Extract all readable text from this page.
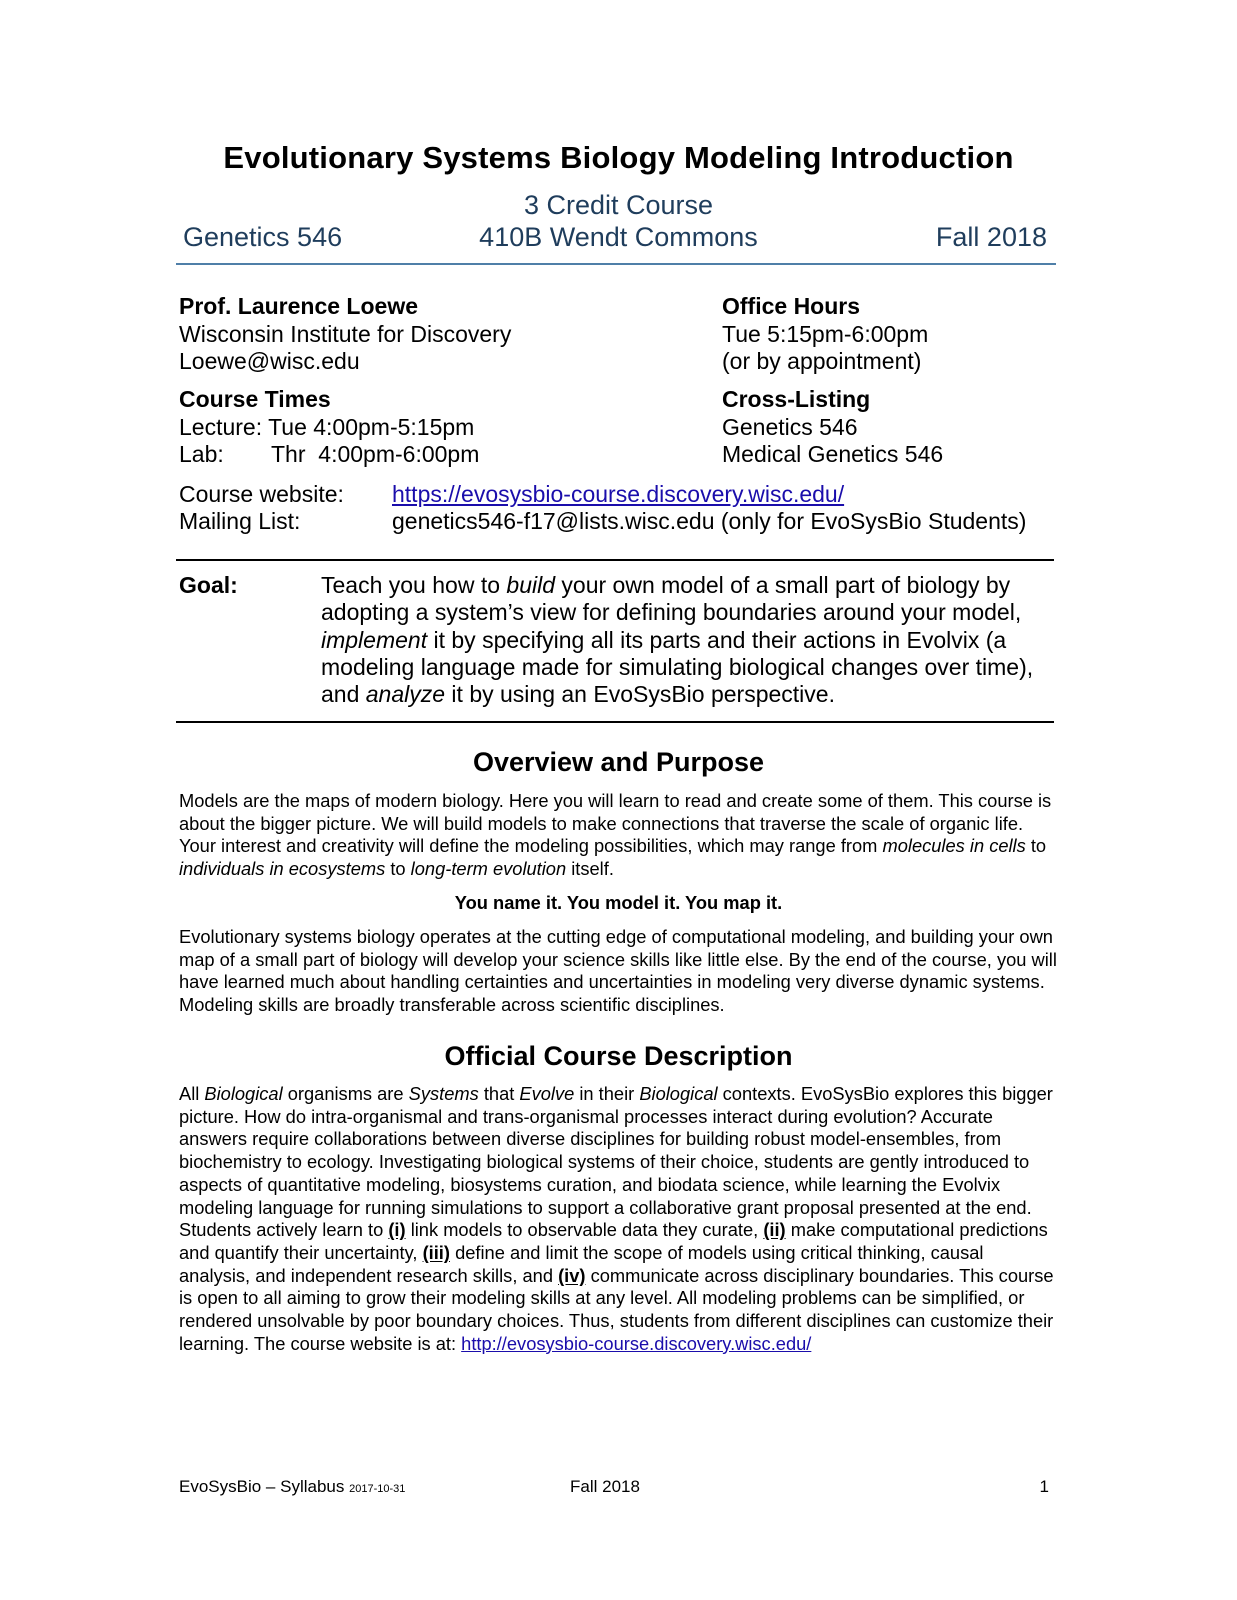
Evolutionary Systems Biology Modeling Introduction
3 Credit Course
Genetics 546	410B Wendt Commons	Fall 2018
Prof. Laurence Loewe
Wisconsin Institute for Discovery
Loewe@wisc.edu
Office Hours
Tue 5:15pm-6:00pm
(or by appointment)
Course Times
Lecture: Tue 4:00pm-5:15pm
Lab: Thr  4:00pm-6:00pm
Cross-Listing
Genetics 546
Medical Genetics 546
Course website: https://evosysbio-course.discovery.wisc.edu/
Mailing List:	genetics546-f17@lists.wisc.edu (only for EvoSysBio Students)
Goal:	Teach you how to build your own model of a small part of biology by adopting a system’s view for defining boundaries around your model, implement it by specifying all its parts and their actions in Evolvix (a modeling language made for simulating biological changes over time), and analyze it by using an EvoSysBio perspective.
Overview and Purpose
Models are the maps of modern biology. Here you will learn to read and create some of them. This course is about the bigger picture. We will build models to make connections that traverse the scale of organic life. Your interest and creativity will define the modeling possibilities, which may range from molecules in cells to individuals in ecosystems to long-term evolution itself.
You name it. You model it. You map it.
Evolutionary systems biology operates at the cutting edge of computational modeling, and building your own map of a small part of biology will develop your science skills like little else. By the end of the course, you will have learned much about handling certainties and uncertainties in modeling very diverse dynamic systems. Modeling skills are broadly transferable across scientific disciplines.
Official Course Description
All Biological organisms are Systems that Evolve in their Biological contexts. EvoSysBio explores this bigger picture. How do intra-organismal and trans-organismal processes interact during evolution? Accurate answers require collaborations between diverse disciplines for building robust model-ensembles, from biochemistry to ecology. Investigating biological systems of their choice, students are gently introduced to aspects of quantitative modeling, biosystems curation, and biodata science, while learning the Evolvix modeling language for running simulations to support a collaborative grant proposal presented at the end. Students actively learn to (i) link models to observable data they curate, (ii) make computational predictions and quantify their uncertainty, (iii) define and limit the scope of models using critical thinking, causal analysis, and independent research skills, and (iv) communicate across disciplinary boundaries. This course is open to all aiming to grow their modeling skills at any level. All modeling problems can be simplified, or rendered unsolvable by poor boundary choices. Thus, students from different disciplines can customize their learning. The course website is at: http://evosysbio-course.discovery.wisc.edu/
EvoSysBio – Syllabus 2017-10-31	Fall 2018	1
